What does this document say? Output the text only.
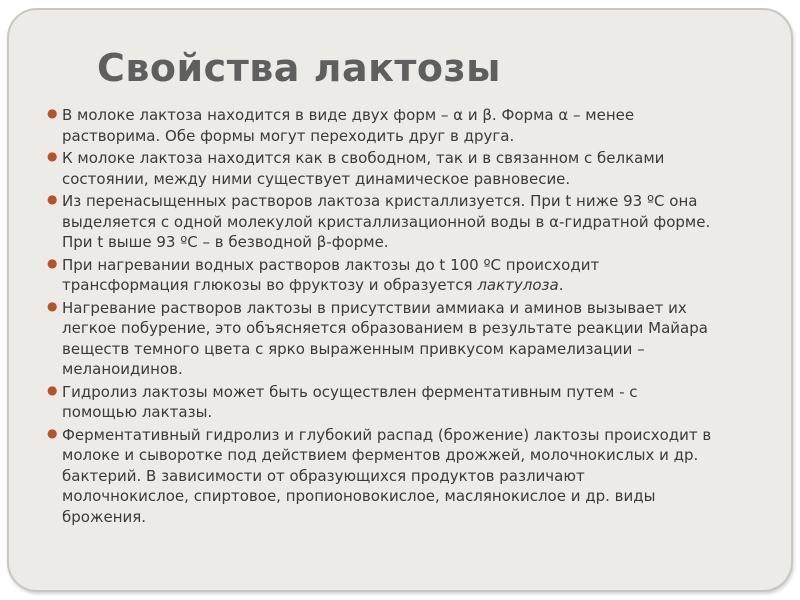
Свойства лактозы
● В молоке лактоза находится в виде двух форм – α и β. Форма α – менее
растворима. Обе формы могут переходить друг в друга.
● К молоке лактоза находится как в свободном, так и в связанном с белками
состоянии, между ними существует динамическое равновесие.
● Из перенасыщенных растворов лактоза кристаллизуется. При t ниже 93 ºС она
выделяется с одной молекулой кристаллизационной воды в α-гидратной форме.
При t выше 93 ºС – в безводной β-форме.
● При нагревании водных растворов лактозы до t 100 ºС происходит
трансформация глюкозы во фруктозу и образуется лактулоза.
● Нагревание растворов лактозы в присутствии аммиака и аминов вызывает их
легкое побурение, это объясняется образованием в результате реакции Майара
веществ темного цвета с ярко выраженным привкусом карамелизации –
меланоидинов.
● Гидролиз лактозы может быть осуществлен ферментативным путем - с
помощью лактазы.
● Ферментативный гидролиз и глубокий распад (брожение) лактозы происходит в
молоке и сыворотке под действием ферментов дрожжей, молочнокислых и др.
бактерий. В зависимости от образующихся продуктов различают
молочнокислое, спиртовое, пропионовокислое, маслянокислое и др. виды
брожения.
